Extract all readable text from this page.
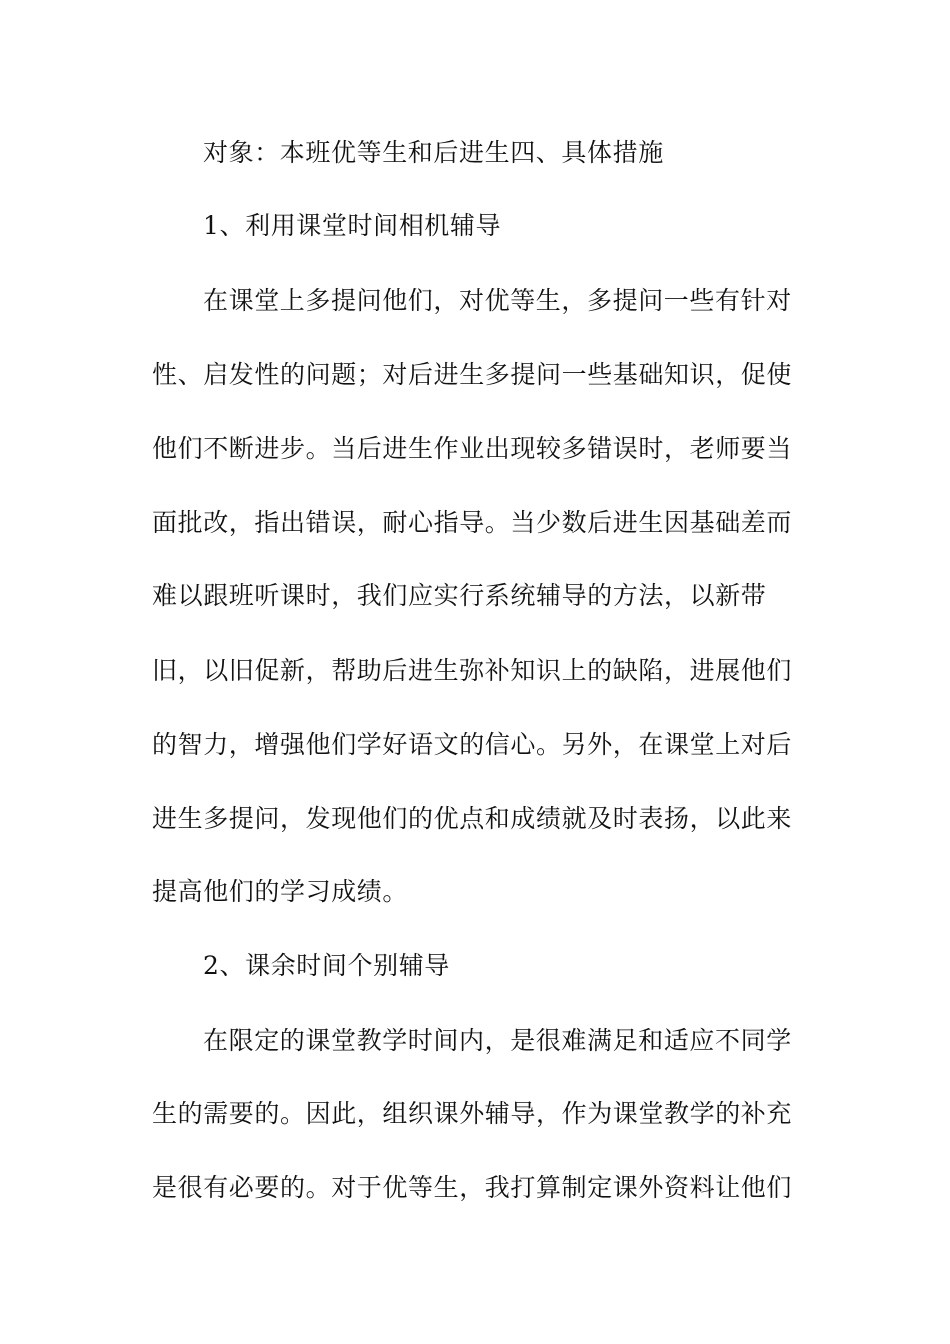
对象：本班优等生和后进生四、具体措施
1、利用课堂时间相机辅导
在课堂上多提问他们，对优等生，多提问一些有针对
性、启发性的问题；对后进生多提问一些基础知识，促使
他们不断进步。当后进生作业出现较多错误时，老师要当
面批改，指出错误，耐心指导。当少数后进生因基础差而
难以跟班听课时，我们应实行系统辅导的方法，以新带
旧，以旧促新，帮助后进生弥补知识上的缺陷，进展他们
的智力，增强他们学好语文的信心。另外，在课堂上对后
进生多提问，发现他们的优点和成绩就及时表扬，以此来
提高他们的学习成绩。
2、课余时间个别辅导
在限定的课堂教学时间内，是很难满足和适应不同学
生的需要的。因此，组织课外辅导，作为课堂教学的补充
是很有必要的。对于优等生，我打算制定课外资料让他们
